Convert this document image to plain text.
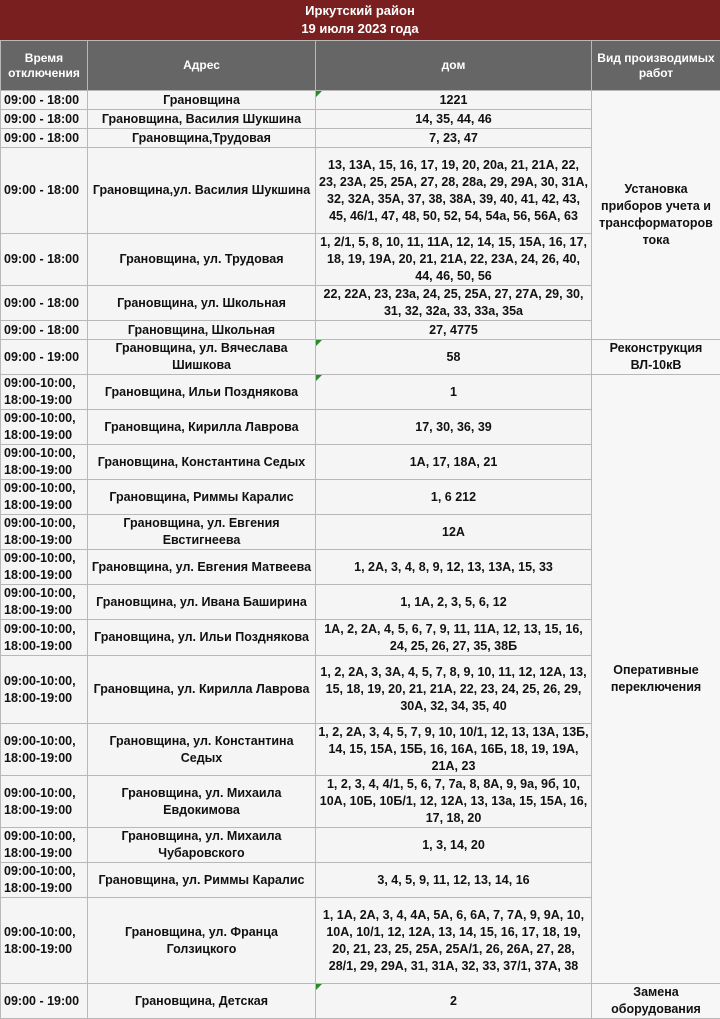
Иркутский район
19 июля 2023 года
Время отключения	Адрес	дом	Вид производимых работ
09:00 - 18:00	Грановщина	1221	Установка приборов учета и трансформаторов тока
09:00 - 18:00	Грановщина, Василия Шукшина	14, 35, 44, 46	
09:00 - 18:00	Грановщина,Трудовая	7, 23, 47	
09:00 - 18:00	Грановщина,ул. Василия Шукшина	13, 13А, 15, 16, 17, 19, 20, 20а, 21, 21А, 22, 23, 23А, 25, 25А, 27, 28, 28а, 29, 29А, 30, 31А, 32, 32А, 35А, 37, 38, 38А, 39, 40, 41, 42, 43, 45, 46/1, 47, 48, 50, 52, 54, 54а, 56, 56А, 63	
09:00 - 18:00	Грановщина, ул. Трудовая	1, 2/1, 5, 8, 10, 11, 11А, 12, 14, 15, 15А, 16, 17, 18, 19, 19А, 20, 21, 21А, 22, 23А, 24, 26, 40, 44, 46, 50, 56	
09:00 - 18:00	Грановщина, ул. Школьная	22, 22А, 23, 23а, 24, 25, 25А, 27, 27А, 29, 30, 31, 32, 32а, 33, 33а, 35а	
09:00 - 18:00	Грановщина, Школьная	27, 4775	
09:00 - 19:00	Грановщина, ул. Вячеслава Шишкова	58	Реконструкция ВЛ-10кВ
09:00-10:00, 18:00-19:00	Грановщина, Ильи Позднякова	1	Оперативные переключения
09:00-10:00, 18:00-19:00	Грановщина, Кирилла Лаврова	17, 30, 36, 39	
09:00-10:00, 18:00-19:00	Грановщина, Константина Седых	1А, 17, 18А, 21	
09:00-10:00, 18:00-19:00	Грановщина, Риммы Каралис	1, 6 212	
09:00-10:00, 18:00-19:00	Грановщина, ул. Евгения Евстигнеева	12А	
09:00-10:00, 18:00-19:00	Грановщина, ул. Евгения Матвеева	1, 2А, 3, 4, 8, 9, 12, 13, 13А, 15, 33	
09:00-10:00, 18:00-19:00	Грановщина, ул. Ивана Баширина	1, 1А, 2, 3, 5, 6, 12	
09:00-10:00, 18:00-19:00	Грановщина, ул. Ильи Позднякова	1А, 2, 2А, 4, 5, 6, 7, 9, 11, 11А, 12, 13, 15, 16, 24, 25, 26, 27, 35, 38Б	
09:00-10:00, 18:00-19:00	Грановщина, ул. Кирилла Лаврова	1, 2, 2А, 3, 3А, 4, 5, 7, 8, 9, 10, 11, 12, 12А, 13, 15, 18, 19, 20, 21, 21А, 22, 23, 24, 25, 26, 29, 30А, 32, 34, 35, 40	
09:00-10:00, 18:00-19:00	Грановщина, ул. Константина Седых	1, 2, 2А, 3, 4, 5, 7, 9, 10, 10/1, 12, 13, 13А, 13Б, 14, 15, 15А, 15Б, 16, 16А, 16Б, 18, 19, 19А, 21А, 23	
09:00-10:00, 18:00-19:00	Грановщина, ул. Михаила Евдокимова	1, 2, 3, 4, 4/1, 5, 6, 7, 7а, 8, 8А, 9, 9а, 9б, 10, 10А, 10Б, 10Б/1, 12, 12А, 13, 13а, 15, 15А, 16, 17, 18, 20	
09:00-10:00, 18:00-19:00	Грановщина, ул. Михаила Чубаровского	1, 3, 14, 20	
09:00-10:00, 18:00-19:00	Грановщина, ул. Риммы Каралис	3, 4, 5, 9, 11, 12, 13, 14, 16	
09:00-10:00, 18:00-19:00	Грановщина, ул. Франца Голзицкого	1, 1А, 2А, 3, 4, 4А, 5А, 6, 6А, 7, 7А, 9, 9А, 10, 10А, 10/1, 12, 12А, 13, 14, 15, 16, 17, 18, 19, 20, 21, 23, 25, 25А, 25А/1, 26, 26А, 27, 28, 28/1, 29, 29А, 31, 31А, 32, 33, 37/1, 37А, 38	
09:00 - 19:00	Грановщина, Детская	2	Замена оборудования
